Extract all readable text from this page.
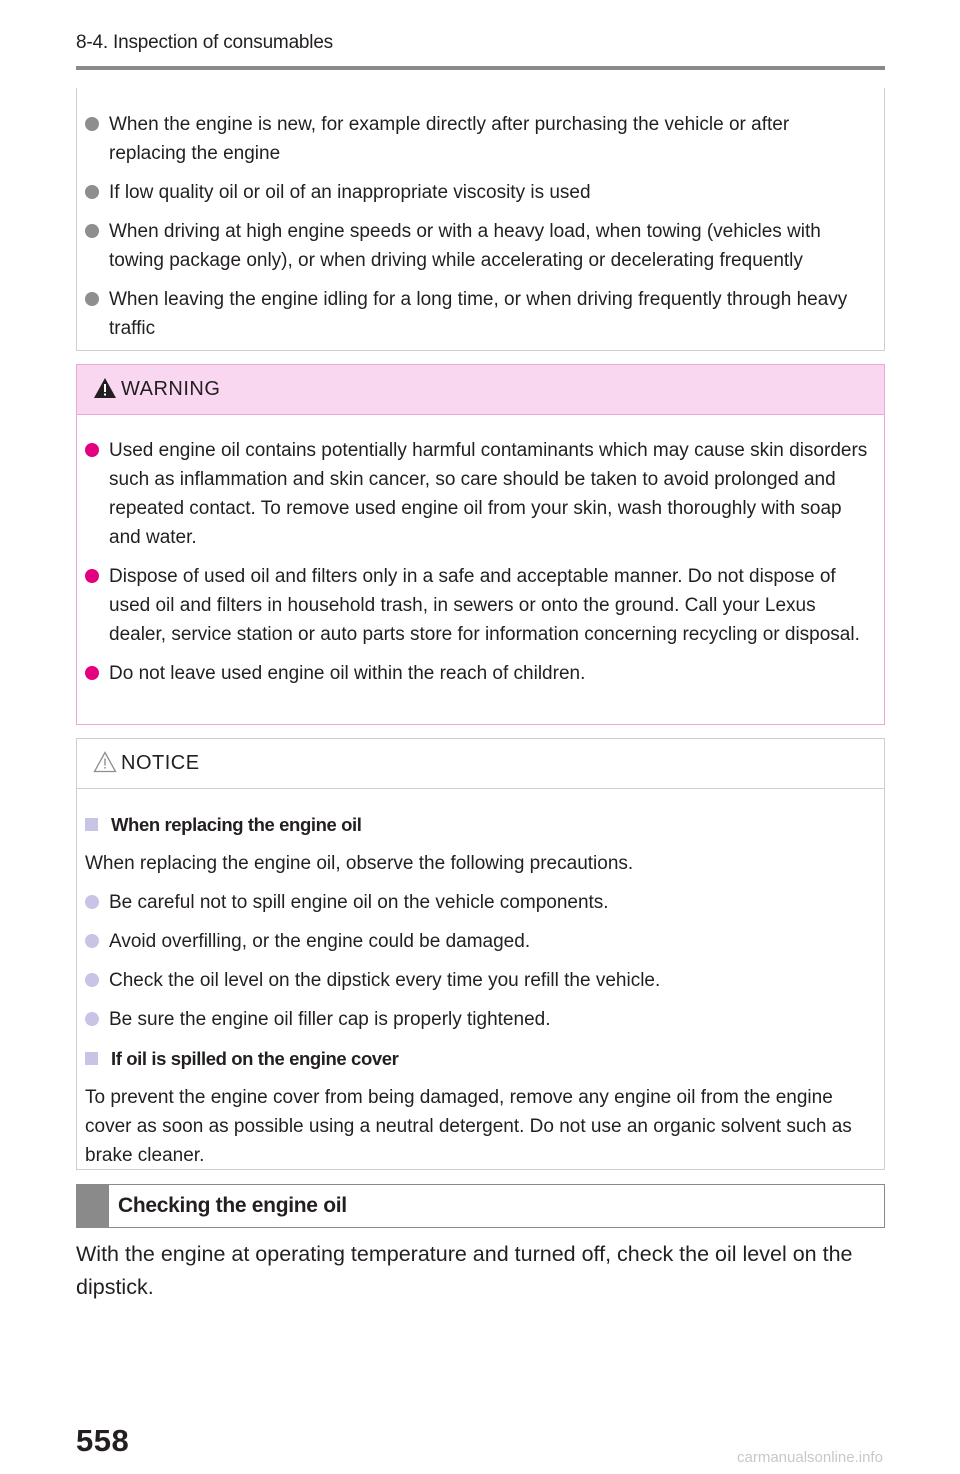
8-4. Inspection of consumables
When the engine is new, for example directly after purchasing the vehicle or after replacing the engine
If low quality oil or oil of an inappropriate viscosity is used
When driving at high engine speeds or with a heavy load, when towing (vehicles with towing package only), or when driving while accelerating or decelerating frequently
When leaving the engine idling for a long time, or when driving frequently through heavy traffic
WARNING
Used engine oil contains potentially harmful contaminants which may cause skin disorders such as inflammation and skin cancer, so care should be taken to avoid prolonged and repeated contact. To remove used engine oil from your skin, wash thoroughly with soap and water.
Dispose of used oil and filters only in a safe and acceptable manner. Do not dispose of used oil and filters in household trash, in sewers or onto the ground. Call your Lexus dealer, service station or auto parts store for information concerning recycling or disposal.
Do not leave used engine oil within the reach of children.
NOTICE
When replacing the engine oil
When replacing the engine oil, observe the following precautions.
Be careful not to spill engine oil on the vehicle components.
Avoid overfilling, or the engine could be damaged.
Check the oil level on the dipstick every time you refill the vehicle.
Be sure the engine oil filler cap is properly tightened.
If oil is spilled on the engine cover
To prevent the engine cover from being damaged, remove any engine oil from the engine cover as soon as possible using a neutral detergent. Do not use an organic solvent such as brake cleaner.
Checking the engine oil
With the engine at operating temperature and turned off, check the oil level on the dipstick.
558	carmanualsonline.info
